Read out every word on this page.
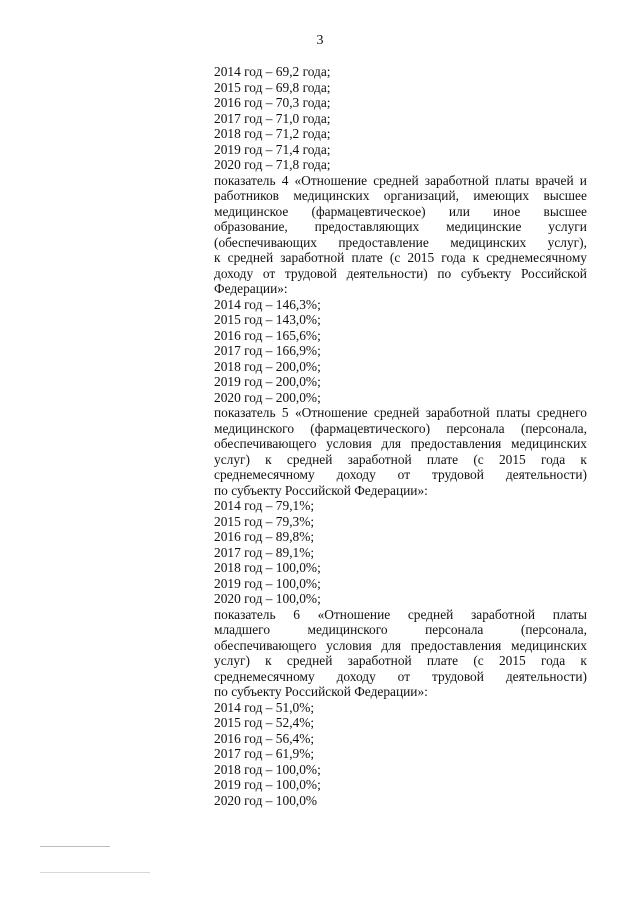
3
2014 год – 69,2 года;
2015 год – 69,8 года;
2016 год – 70,3 года;
2017 год – 71,0 года;
2018 год – 71,2 года;
2019 год – 71,4 года;
2020 год – 71,8 года;
показатель 4 «Отношение средней заработной платы врачей и
работников медицинских организаций, имеющих высшее
медицинское (фармацевтическое) или иное высшее
образование, предоставляющих медицинские услуги
(обеспечивающих предоставление медицинских услуг),
к средней заработной плате (с 2015 года к среднемесячному
доходу от трудовой деятельности) по субъекту Российской
Федерации»:
2014 год – 146,3%;
2015 год – 143,0%;
2016 год – 165,6%;
2017 год – 166,9%;
2018 год – 200,0%;
2019 год – 200,0%;
2020 год – 200,0%;
показатель 5 «Отношение средней заработной платы среднего
медицинского (фармацевтического) персонала (персонала,
обеспечивающего условия для предоставления медицинских
услуг) к средней заработной плате (с 2015 года к
среднемесячному доходу от трудовой деятельности)
по субъекту Российской Федерации»:
2014 год – 79,1%;
2015 год – 79,3%;
2016 год – 89,8%;
2017 год – 89,1%;
2018 год – 100,0%;
2019 год – 100,0%;
2020 год – 100,0%;
показатель 6 «Отношение средней заработной платы
младшего	медицинского	персонала	(персонала,
обеспечивающего условия для предоставления медицинских
услуг) к средней заработной плате (с 2015 года к
среднемесячному доходу от трудовой деятельности)
по субъекту Российской Федерации»:
2014 год – 51,0%;
2015 год – 52,4%;
2016 год – 56,4%;
2017 год – 61,9%;
2018 год – 100,0%;
2019 год – 100,0%;
2020 год – 100,0%
